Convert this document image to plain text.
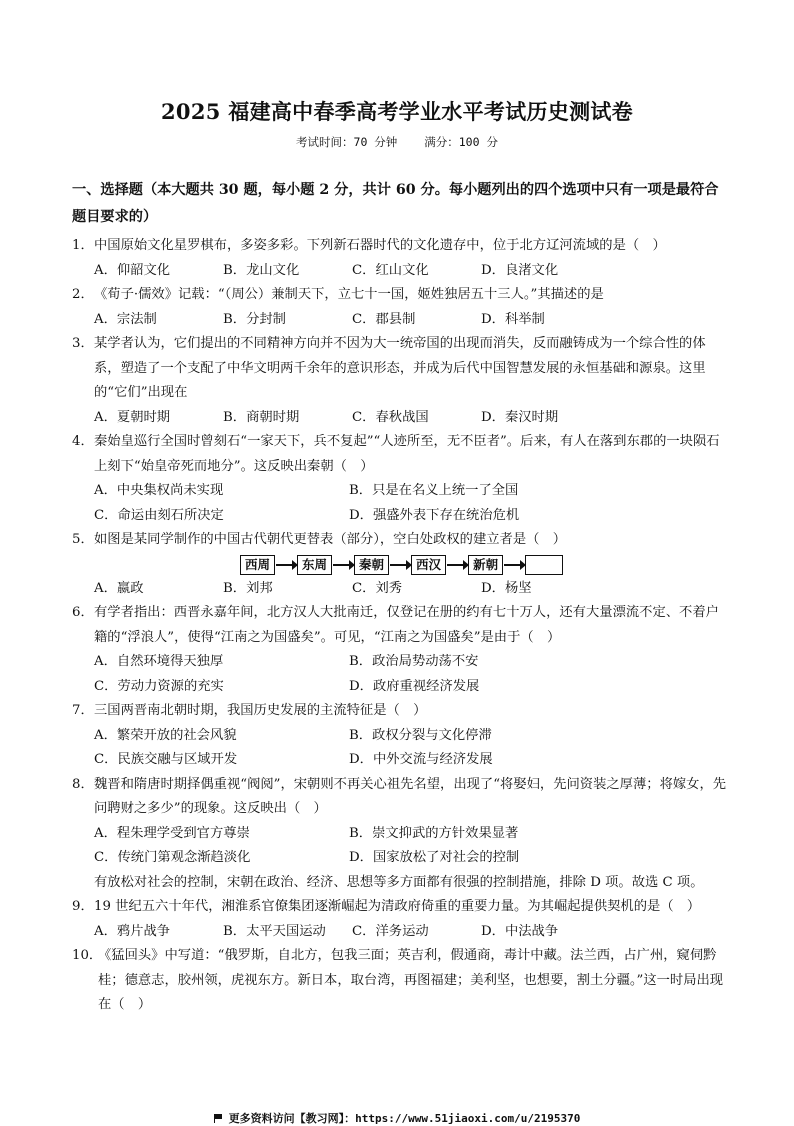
2025 福建高中春季高考学业水平考试历史测试卷
考试时间：70 分钟 满分：100 分
一、选择题（本大题共 30 题，每小题 2 分，共计 60 分。每小题列出的四个选项中只有一项是最符合题目要求的）
1． 中国原始文化星罗棋布，多姿多彩。下列新石器时代的文化遗存中，位于北方辽河流域的是（　）
A．仰韶文化	B．龙山文化	C．红山文化	D．良渚文化
2． 《荀子·儒效》记载：“（周公）兼制天下，立七十一国，姬姓独居五十三人。”其描述的是
A．宗法制	B．分封制	C．郡县制	D．科举制
3． 某学者认为，它们提出的不同精神方向并不因为大一统帝国的出现而消失，反而融铸成为一个综合性的体系，塑造了一个支配了中华文明两千余年的意识形态，并成为后代中国智慧发展的永恒基础和源泉。这里的“它们”出现在
A．夏朝时期	B．商朝时期	C．春秋战国	D．秦汉时期
4． 秦始皇巡行全国时曾刻石“一家天下，兵不复起”“人迹所至，无不臣者”。后来，有人在落到东郡的一块陨石上刻下“始皇帝死而地分”。这反映出秦朝（　）
A．中央集权尚未实现	B．只是在名义上统一了全国
C．命运由刻石所决定	D．强盛外表下存在统治危机
5． 如图是某同学制作的中国古代朝代更替表（部分），空白处政权的建立者是（　）
西周	东周	秦朝	西汉	新朝
A．嬴政	B．刘邦	C．刘秀	D．杨坚
6． 有学者指出：西晋永嘉年间，北方汉人大批南迁，仅登记在册的约有七十万人，还有大量漂流不定、不着户籍的“浮浪人”，使得“江南之为国盛矣”。可见，“江南之为国盛矣”是由于（　）
A．自然环境得天独厚	B．政治局势动荡不安
C．劳动力资源的充实	D．政府重视经济发展
7． 三国两晋南北朝时期，我国历史发展的主流特征是（　）
A．繁荣开放的社会风貌	B．政权分裂与文化停滞
C．民族交融与区域开发	D．中外交流与经济发展
8． 魏晋和隋唐时期择偶重视“阀阅”，宋朝则不再关心祖先名望，出现了“将娶妇，先问资装之厚薄；将嫁女，先问聘财之多少”的现象。这反映出（　）
A．程朱理学受到官方尊崇	B．崇文抑武的方针效果显著
C．传统门第观念渐趋淡化	D．国家放松了对社会的控制
有放松对社会的控制，宋朝在政治、经济、思想等多方面都有很强的控制措施，排除 D 项。故选 C 项。
9． 19 世纪五六十年代，湘淮系官僚集团逐渐崛起为清政府倚重的重要力量。为其崛起提供契机的是（　）
A．鸦片战争	B．太平天国运动	C．洋务运动	D．中法战争
10．
《猛回头》中写道：“俄罗斯，自北方，包我三面；英吉利，假通商，毒计中藏。法兰西，占广州，窥伺黔桂；德意志，胶州领，虎视东方。新日本，取台湾，再图福建；美利坚，也想要，割土分疆。”这一时局出现在（　）
更多资料访问【教习网】：https://www.51jiaoxi.com/u/2195370
